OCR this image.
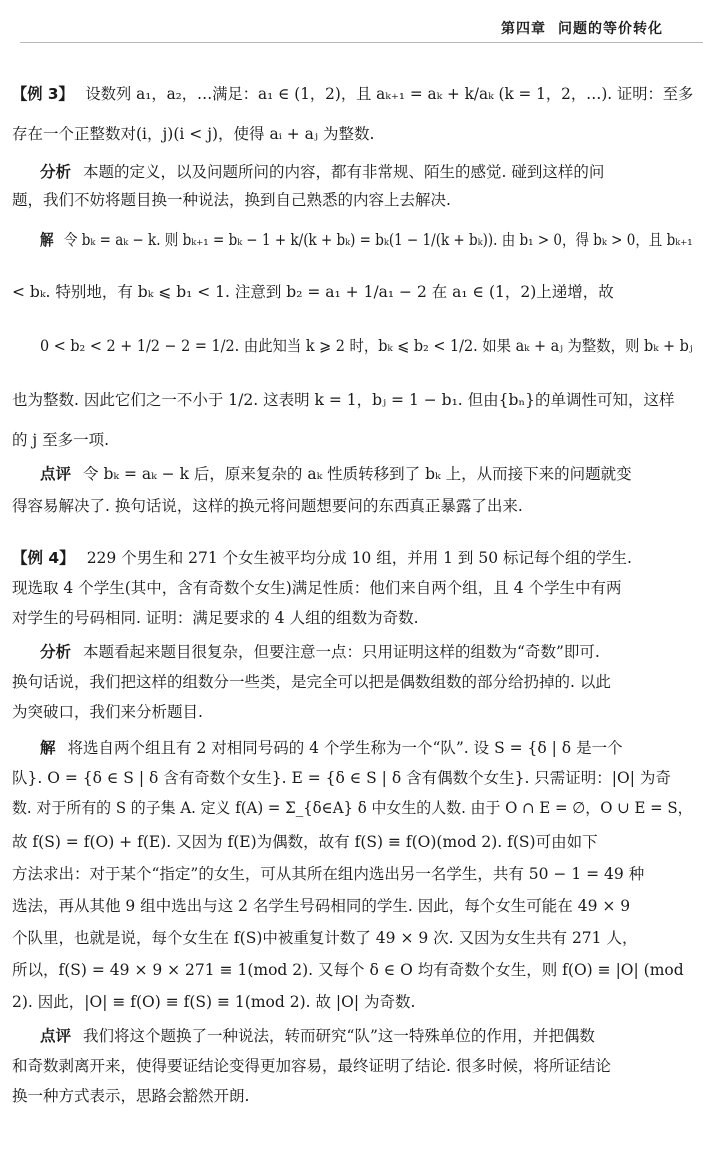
第四章 问题的等价转化
【例 3】 设数列 a₁，a₂，…满足：a₁ ∈ (1，2)，且 aₖ₊₁ = aₖ + k/aₖ (k = 1，2，…). 证明：至多
存在一个正整数对(i，j)(i < j)，使得 aᵢ + aⱼ 为整数.
分析 本题的定义，以及问题所问的内容，都有非常规、陌生的感觉. 碰到这样的问
题，我们不妨将题目换一种说法，换到自己熟悉的内容上去解决.
解 令 bₖ = aₖ − k. 则 bₖ₊₁ = bₖ − 1 + k/(k + bₖ) = bₖ(1 − 1/(k + bₖ)). 由 b₁ > 0，得 bₖ > 0，且 bₖ₊₁
< bₖ. 特别地，有 bₖ ⩽ b₁ < 1. 注意到 b₂ = a₁ + 1/a₁ − 2 在 a₁ ∈ (1，2)上递增，故
0 < b₂ < 2 + 1/2 − 2 = 1/2. 由此知当 k ⩾ 2 时，bₖ ⩽ b₂ < 1/2. 如果 aₖ + aⱼ 为整数，则 bₖ + bⱼ
也为整数. 因此它们之一不小于 1/2. 这表明 k = 1，bⱼ = 1 − b₁. 但由{bₙ}的单调性可知，这样
的 j 至多一项.
点评 令 bₖ = aₖ − k 后，原来复杂的 aₖ 性质转移到了 bₖ 上，从而接下来的问题就变
得容易解决了. 换句话说，这样的换元将问题想要问的东西真正暴露了出来.
【例 4】 229 个男生和 271 个女生被平均分成 10 组，并用 1 到 50 标记每个组的学生.
现选取 4 个学生(其中，含有奇数个女生)满足性质：他们来自两个组，且 4 个学生中有两
对学生的号码相同. 证明：满足要求的 4 人组的组数为奇数.
分析 本题看起来题目很复杂，但要注意一点：只用证明这样的组数为“奇数”即可.
换句话说，我们把这样的组数分一些类，是完全可以把是偶数组数的部分给扔掉的. 以此
为突破口，我们来分析题目.
解 将选自两个组且有 2 对相同号码的 4 个学生称为一个“队”. 设 S = {δ | δ 是一个
队}. O = {δ ∈ S | δ 含有奇数个女生}. E = {δ ∈ S | δ 含有偶数个女生}. 只需证明：|O| 为奇
数. 对于所有的 S 的子集 A. 定义 f(A) = Σ_{δ∈A} δ 中女生的人数. 由于 O ∩ E = ∅，O ∪ E = S，
故 f(S) = f(O) + f(E). 又因为 f(E)为偶数，故有 f(S) ≡ f(O)(mod 2). f(S)可由如下
方法求出：对于某个“指定”的女生，可从其所在组内选出另一名学生，共有 50 − 1 = 49 种
选法，再从其他 9 组中选出与这 2 名学生号码相同的学生. 因此，每个女生可能在 49 × 9
个队里，也就是说，每个女生在 f(S)中被重复计数了 49 × 9 次. 又因为女生共有 271 人，
所以，f(S) = 49 × 9 × 271 ≡ 1(mod 2). 又每个 δ ∈ O 均有奇数个女生，则 f(O) ≡ |O| (mod
2). 因此，|O| ≡ f(O) ≡ f(S) ≡ 1(mod 2). 故 |O| 为奇数.
点评 我们将这个题换了一种说法，转而研究“队”这一特殊单位的作用，并把偶数
和奇数剥离开来，使得要证结论变得更加容易，最终证明了结论. 很多时候，将所证结论
换一种方式表示，思路会豁然开朗.
